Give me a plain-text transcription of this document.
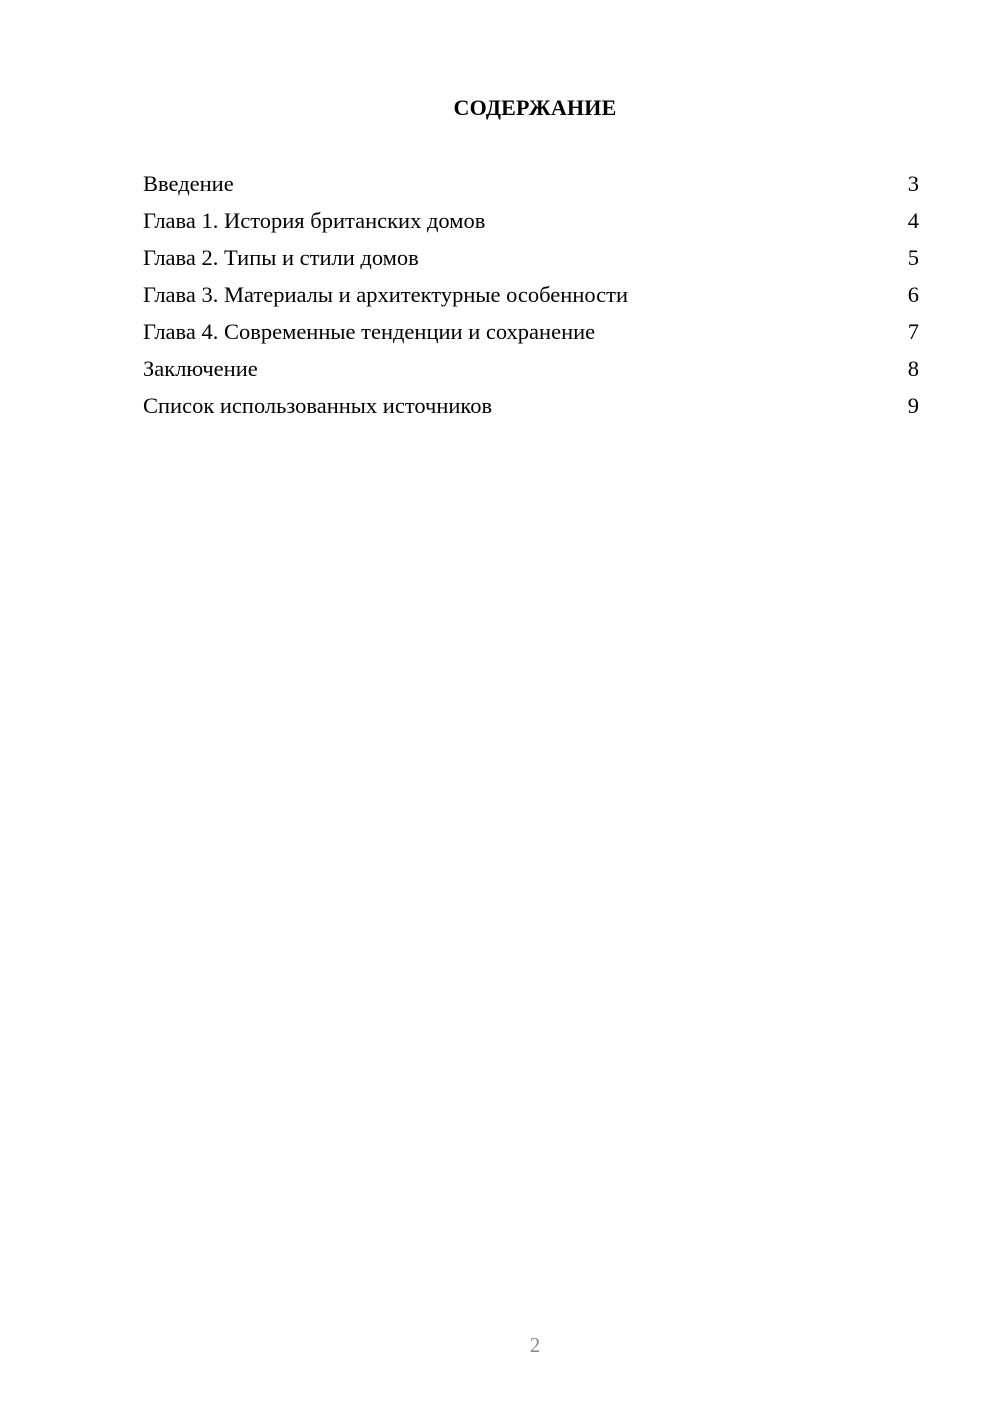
СОДЕРЖАНИЕ
Введение	3
Глава 1. История британских домов	4
Глава 2. Типы и стили домов	5
Глава 3. Материалы и архитектурные особенности	6
Глава 4. Современные тенденции и сохранение	7
Заключение	8
Список использованных источников	9
2
